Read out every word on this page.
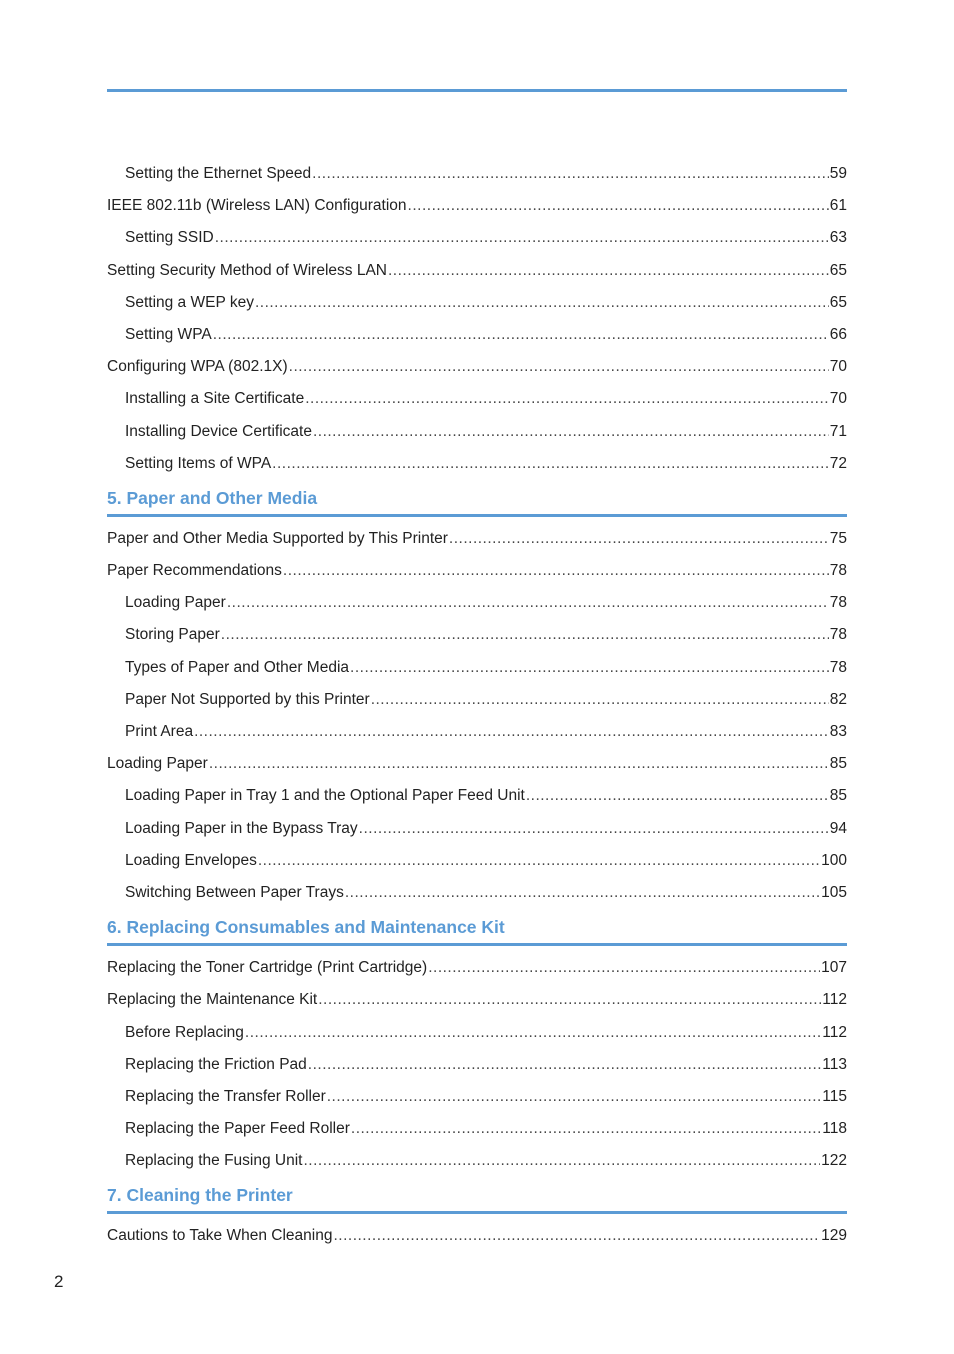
Setting the Ethernet Speed .....	59
IEEE 802.11b (Wireless LAN) Configuration .....	61
Setting SSID .....	63
Setting Security Method of Wireless LAN .....	65
Setting a WEP key .....	65
Setting WPA .....	66
Configuring WPA (802.1X) .....	70
Installing a Site Certificate .....	70
Installing Device Certificate .....	71
Setting Items of WPA .....	72
5. Paper and Other Media
Paper and Other Media Supported by This Printer .....	75
Paper Recommendations .....	78
Loading Paper .....	78
Storing Paper .....	78
Types of Paper and Other Media .....	78
Paper Not Supported by this Printer .....	82
Print Area .....	83
Loading Paper .....	85
Loading Paper in Tray 1 and the Optional Paper Feed Unit .....	85
Loading Paper in the Bypass Tray .....	94
Loading Envelopes .....	100
Switching Between Paper Trays .....	105
6. Replacing Consumables and Maintenance Kit
Replacing the Toner Cartridge (Print Cartridge) .....	107
Replacing the Maintenance Kit .....	112
Before Replacing .....	112
Replacing the Friction Pad .....	113
Replacing the Transfer Roller .....	115
Replacing the Paper Feed Roller .....	118
Replacing the Fusing Unit .....	122
7. Cleaning the Printer
Cautions to Take When Cleaning .....	129
2
